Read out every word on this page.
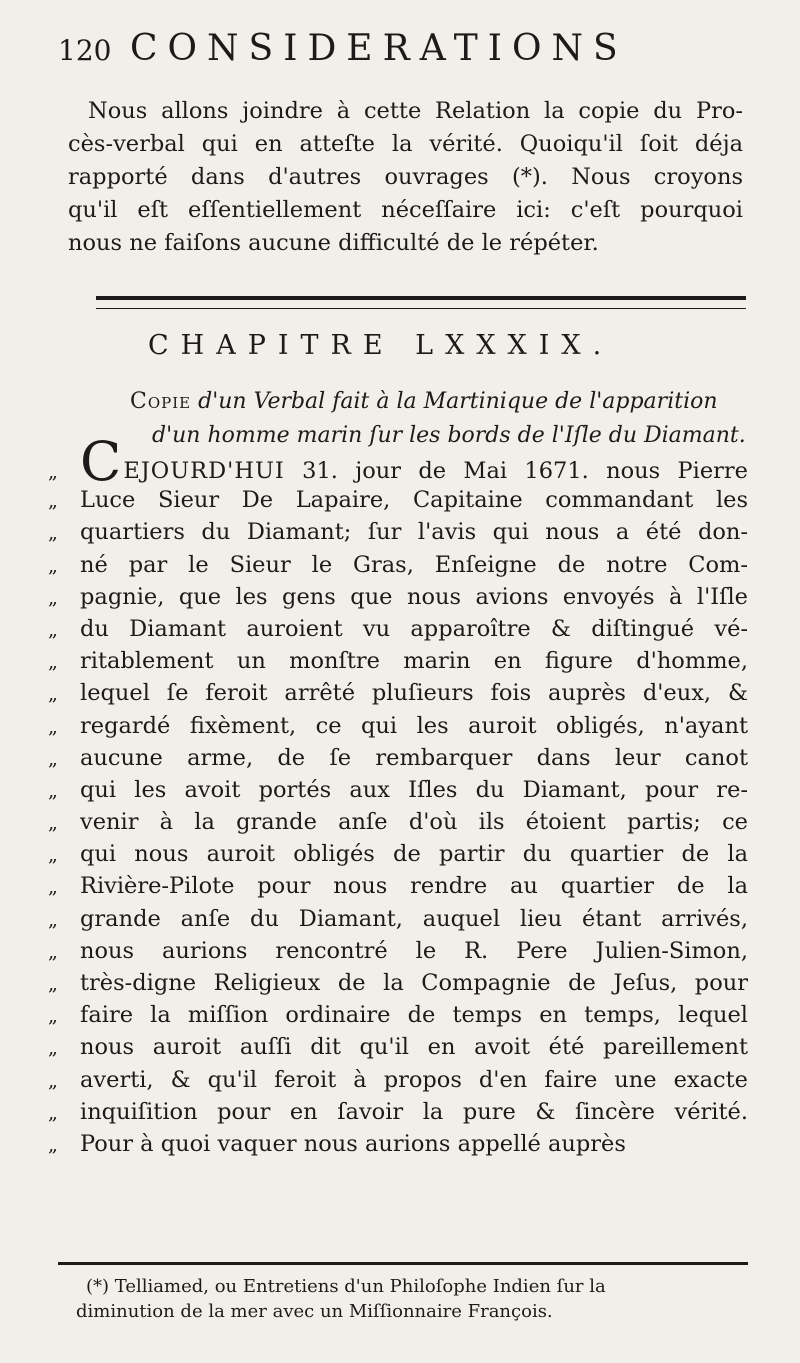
120 CONSIDERATIONS
Nous allons joindre à cette Relation la copie du Pro-
cès-verbal qui en atteſte la vérité. Quoiqu'il ſoit déja
rapporté dans d'autres ouvrages (*). Nous croyons
qu'il eſt eſſentiellement néceſſaire ici: c'eſt pourquoi
nous ne faiſons aucune difficulté de le répéter.
CHAPITRE LXXXIX.
Copie d'un Verbal fait à la Martinique de l'apparition
d'un homme marin ſur les bords de l'Iſle du Diamant.
„ CEJOURD'HUI 31. jour de Mai 1671. nous Pierre
„ Luce Sieur De Lapaire, Capitaine commandant les
„ quartiers du Diamant; ſur l'avis qui nous a été don-
„ né par le Sieur le Gras, Enſeigne de notre Com-
„ pagnie, que les gens que nous avions envoyés à l'Iſle
„ du Diamant auroient vu apparoître & diſtingué vé-
„ ritablement un monſtre marin en figure d'homme,
„ lequel ſe feroit arrêté pluſieurs fois auprès d'eux, &
„ regardé fixèment, ce qui les auroit obligés, n'ayant
„ aucune arme, de ſe rembarquer dans leur canot
„ qui les avoit portés aux Iſles du Diamant, pour re-
„ venir à la grande anſe d'où ils étoient partis; ce
„ qui nous auroit obligés de partir du quartier de la
„ Rivière-Pilote pour nous rendre au quartier de la
„ grande anſe du Diamant, auquel lieu étant arrivés,
„ nous aurions rencontré le R. Pere Julien-Simon,
„ très-digne Religieux de la Compagnie de Jeſus, pour
„ faire la miſſion ordinaire de temps en temps, lequel
„ nous auroit auſſi dit qu'il en avoit été pareillement
„ averti, & qu'il feroit à propos d'en faire une exacte
„ inquiſition pour en ſavoir la pure & ſincère vérité.
„ Pour à quoi vaquer nous aurions appellé auprès
(*) Telliamed, ou Entretiens d'un Philoſophe Indien ſur la
diminution de la mer avec un Miſſionnaire François.
